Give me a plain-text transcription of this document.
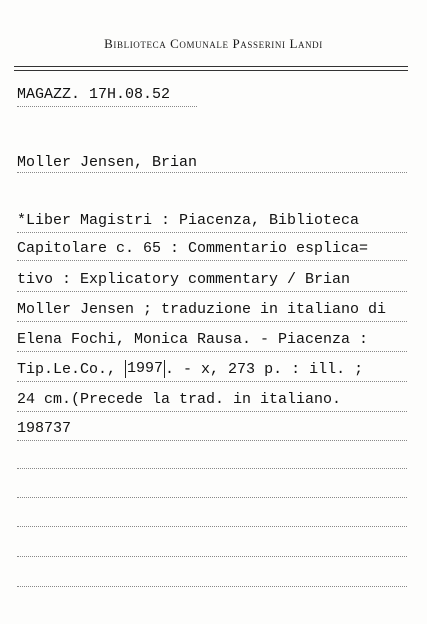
Biblioteca Comunale Passerini Landi
MAGAZZ. 17H.08.52
Moller Jensen, Brian
*Liber Magistri : Piacenza, Biblioteca
Capitolare c. 65 : Commentario esplica=
tivo : Explicatory commentary / Brian
Moller Jensen ; traduzione in italiano di
Elena Fochi, Monica Rausa. - Piacenza :
Tip.Le.Co., 1997 . - x, 273 p. : ill. ;
24 cm.(Precede la trad. in italiano.
198737
